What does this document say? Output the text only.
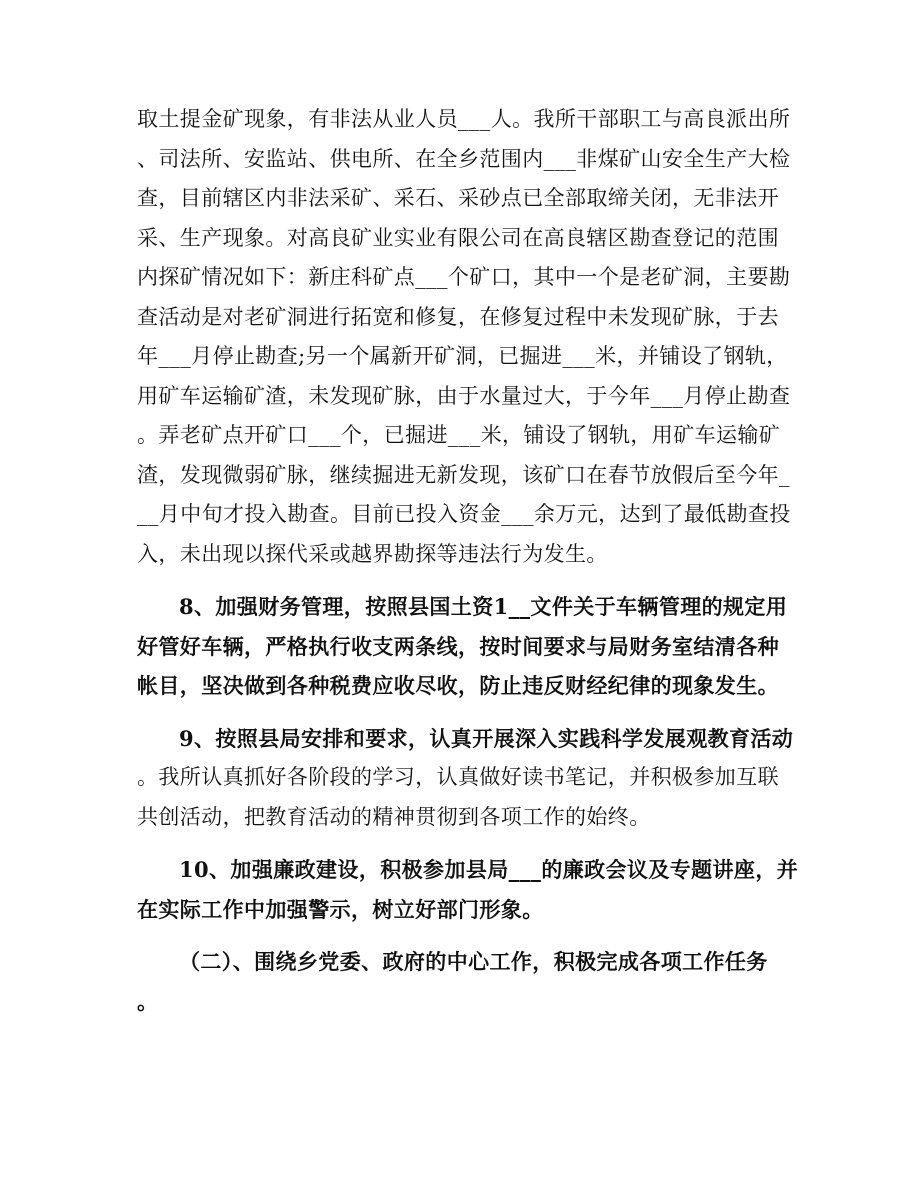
取土提金矿现象，有非法从业人员___人。我所干部职工与高良派出所
、司法所、安监站、供电所、在全乡范围内___非煤矿山安全生产大检
查，目前辖区内非法采矿、采石、采砂点已全部取缔关闭，无非法开
采、生产现象。对高良矿业实业有限公司在高良辖区勘查登记的范围
内探矿情况如下：新庄科矿点___个矿口，其中一个是老矿洞，主要勘
查活动是对老矿洞进行拓宽和修复，在修复过程中未发现矿脉，于去
年___月停止勘查;另一个属新开矿洞，已掘进___米，并铺设了钢轨，
用矿车运输矿渣，未发现矿脉，由于水量过大，于今年___月停止勘查
。弄老矿点开矿口___个，已掘进___米，铺设了钢轨，用矿车运输矿
渣，发现微弱矿脉，继续掘进无新发现，该矿口在春节放假后至今年_
__月中旬才投入勘查。目前已投入资金___余万元，达到了最低勘查投
入，未出现以探代采或越界勘探等违法行为发生。
8、加强财务管理，按照县国土资1__文件关于车辆管理的规定用
好管好车辆，严格执行收支两条线，按时间要求与局财务室结清各种
帐目，坚决做到各种税费应收尽收，防止违反财经纪律的现象发生。
9、按照县局安排和要求，认真开展深入实践科学发展观教育活动
。我所认真抓好各阶段的学习，认真做好读书笔记，并积极参加互联
共创活动，把教育活动的精神贯彻到各项工作的始终。
10、加强廉政建设，积极参加县局___的廉政会议及专题讲座，并
在实际工作中加强警示，树立好部门形象。
（二）、围绕乡党委、政府的中心工作，积极完成各项工作任务
。
